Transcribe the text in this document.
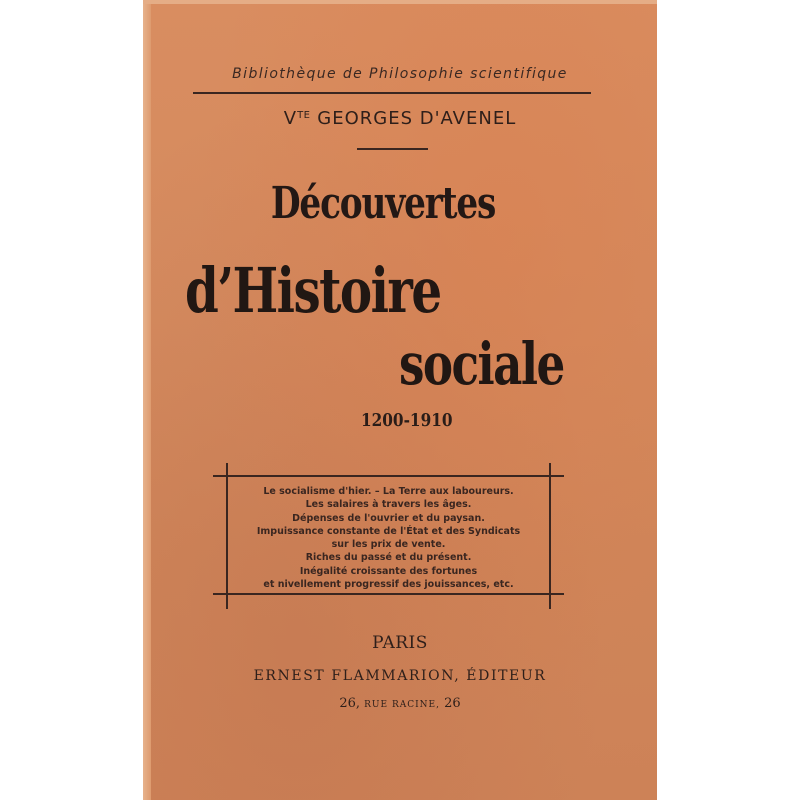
Bibliothèque de Philosophie scientifique
$V^{TE}$ GEORGES D'AVENEL
Découvertes
d’Histoire
sociale
1200-1910
Le socialisme d'hier. – La Terre aux laboureurs.
Les salaires à travers les âges.
Dépenses de l'ouvrier et du paysan.
Impuissance constante de l'État et des Syndicats
sur les prix de vente.
Riches du passé et du présent.
Inégalité croissante des fortunes
et nivellement progressif des jouissances, etc.
PARIS
ERNEST FLAMMARION, ÉDITEUR
26, RUE RACINE, 26
